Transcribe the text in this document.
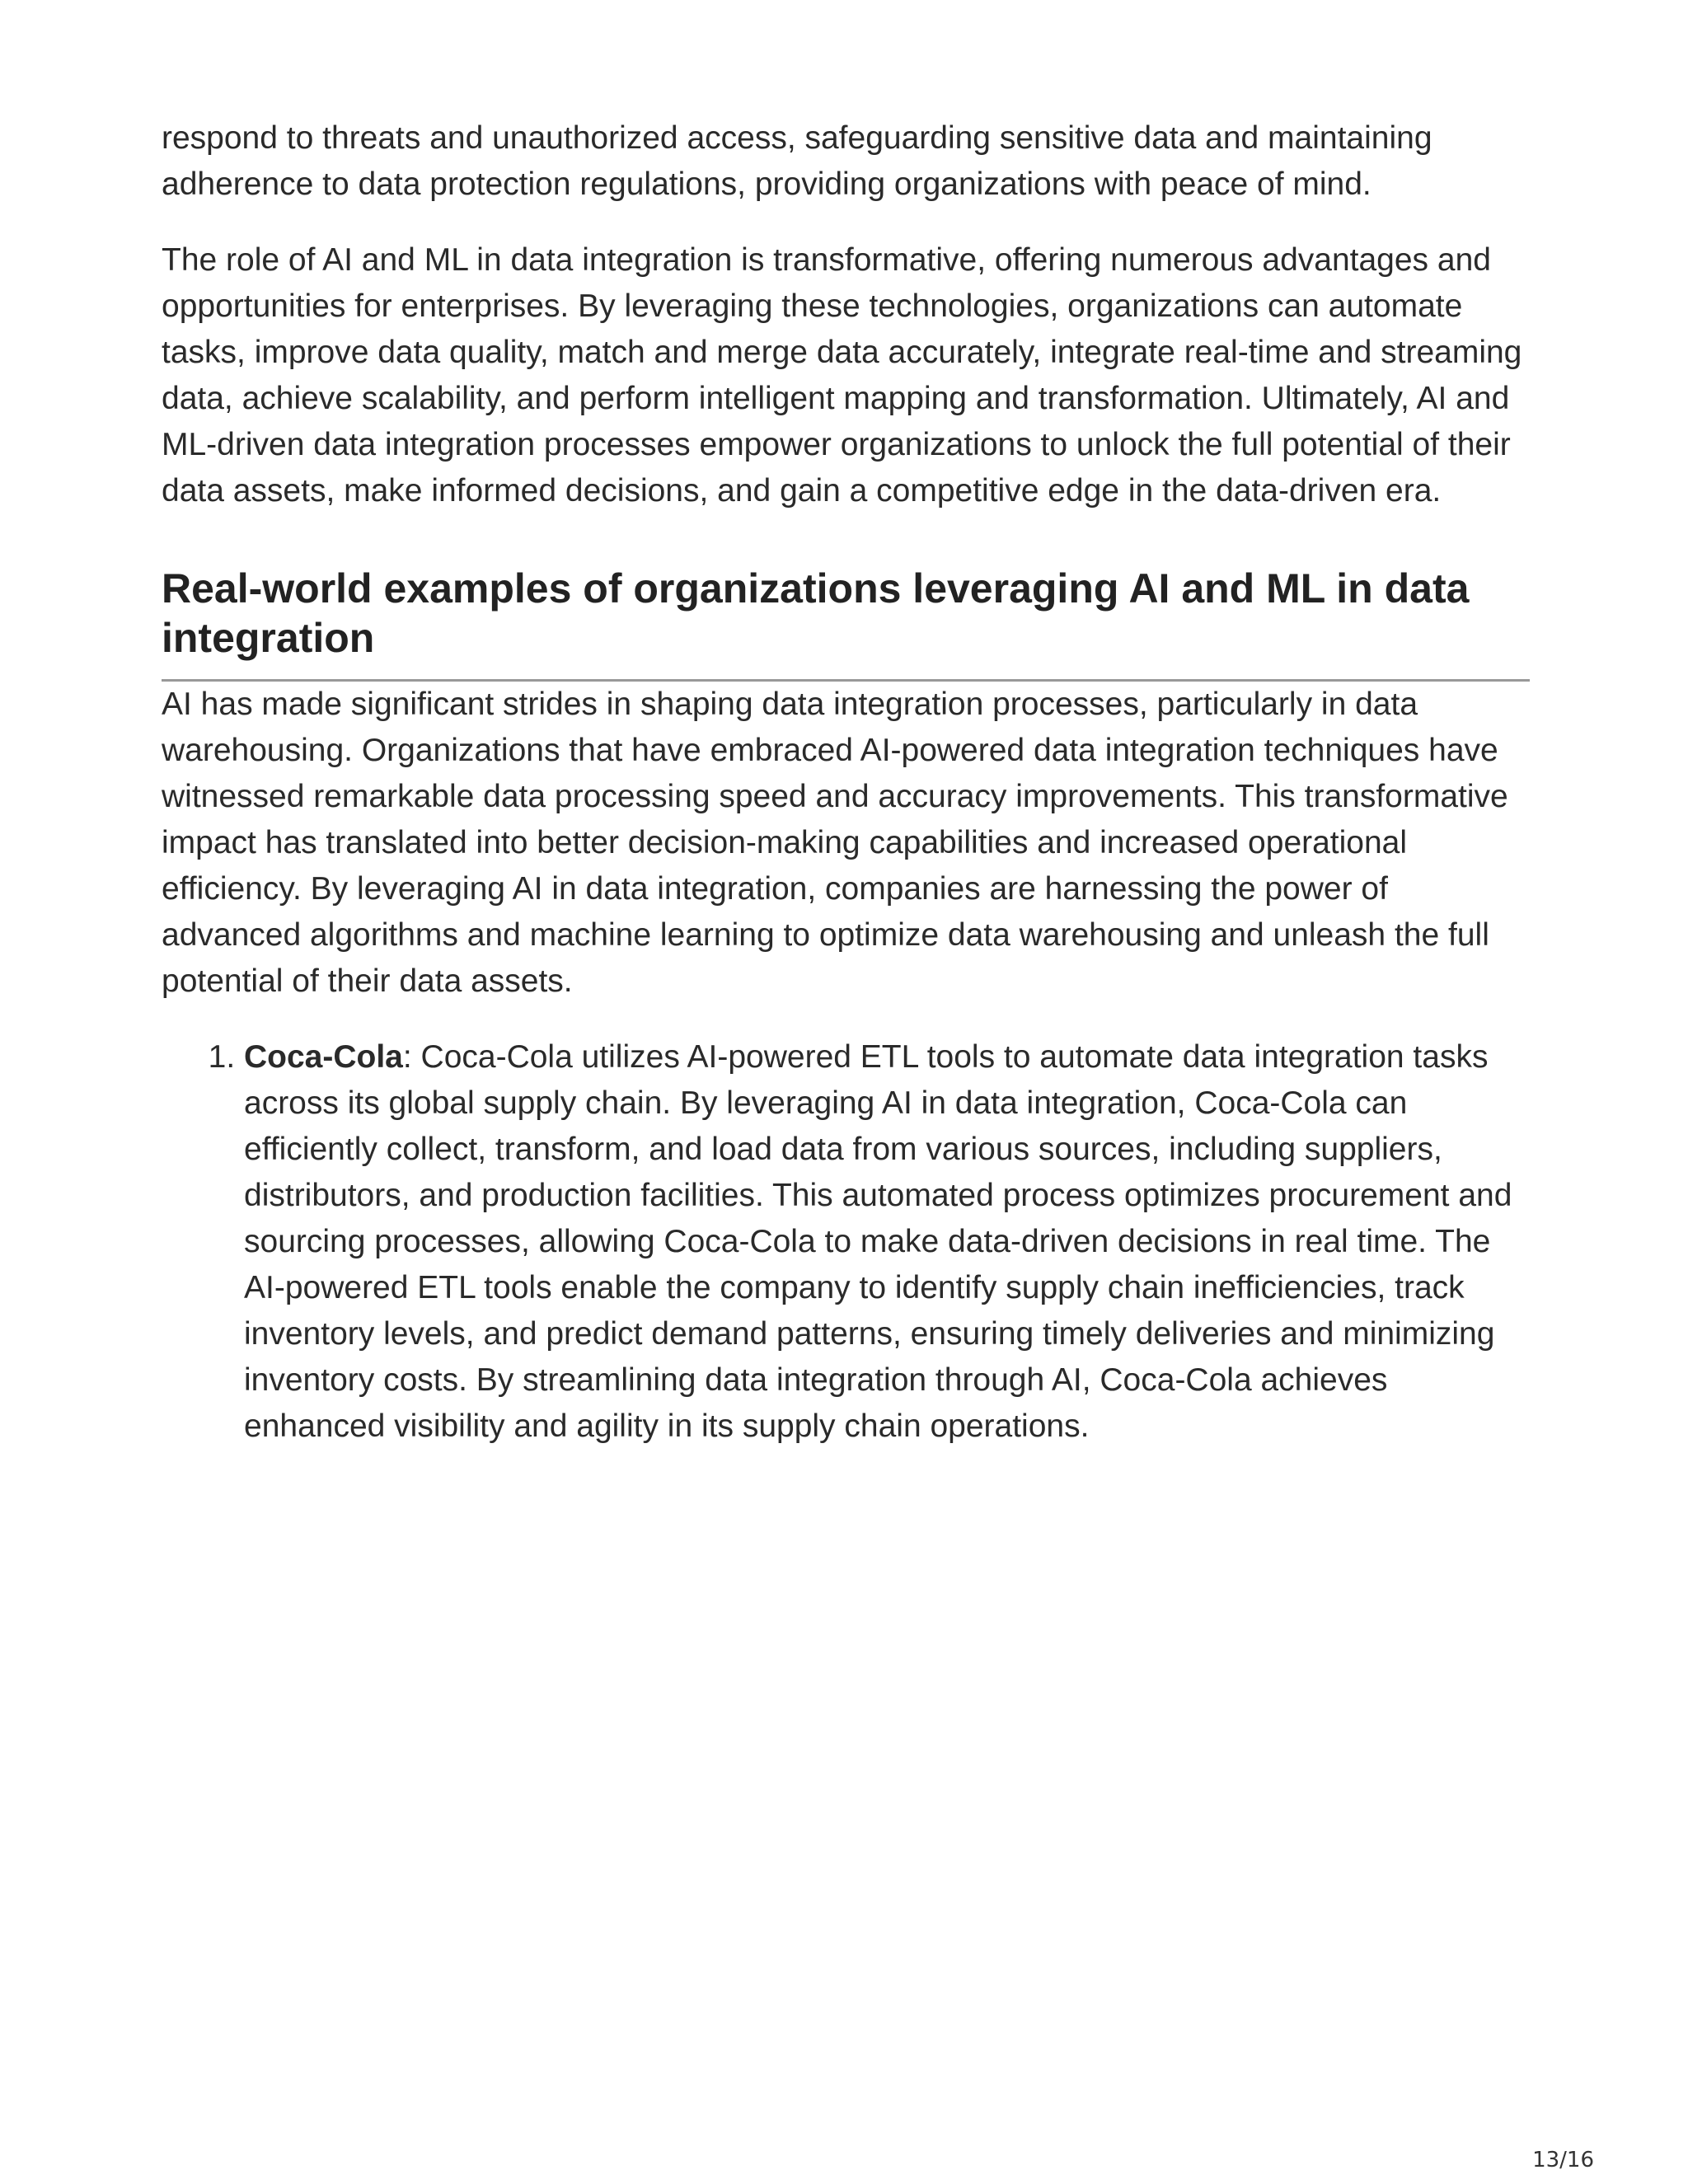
respond to threats and unauthorized access, safeguarding sensitive data and maintaining adherence to data protection regulations, providing organizations with peace of mind.

The role of AI and ML in data integration is transformative, offering numerous advantages and opportunities for enterprises. By leveraging these technologies, organizations can automate tasks, improve data quality, match and merge data accurately, integrate real-time and streaming data, achieve scalability, and perform intelligent mapping and transformation. Ultimately, AI and ML-driven data integration processes empower organizations to unlock the full potential of their data assets, make informed decisions, and gain a competitive edge in the data-driven era.

Real-world examples of organizations leveraging AI and ML in data integration

AI has made significant strides in shaping data integration processes, particularly in data warehousing. Organizations that have embraced AI-powered data integration techniques have witnessed remarkable data processing speed and accuracy improvements. This transformative impact has translated into better decision-making capabilities and increased operational efficiency. By leveraging AI in data integration, companies are harnessing the power of advanced algorithms and machine learning to optimize data warehousing and unleash the full potential of their data assets.

1. Coca-Cola: Coca-Cola utilizes AI-powered ETL tools to automate data integration tasks across its global supply chain. By leveraging AI in data integration, Coca-Cola can efficiently collect, transform, and load data from various sources, including suppliers, distributors, and production facilities. This automated process optimizes procurement and sourcing processes, allowing Coca-Cola to make data-driven decisions in real time. The AI-powered ETL tools enable the company to identify supply chain inefficiencies, track inventory levels, and predict demand patterns, ensuring timely deliveries and minimizing inventory costs. By streamlining data integration through AI, Coca-Cola achieves enhanced visibility and agility in its supply chain operations.
13/16
